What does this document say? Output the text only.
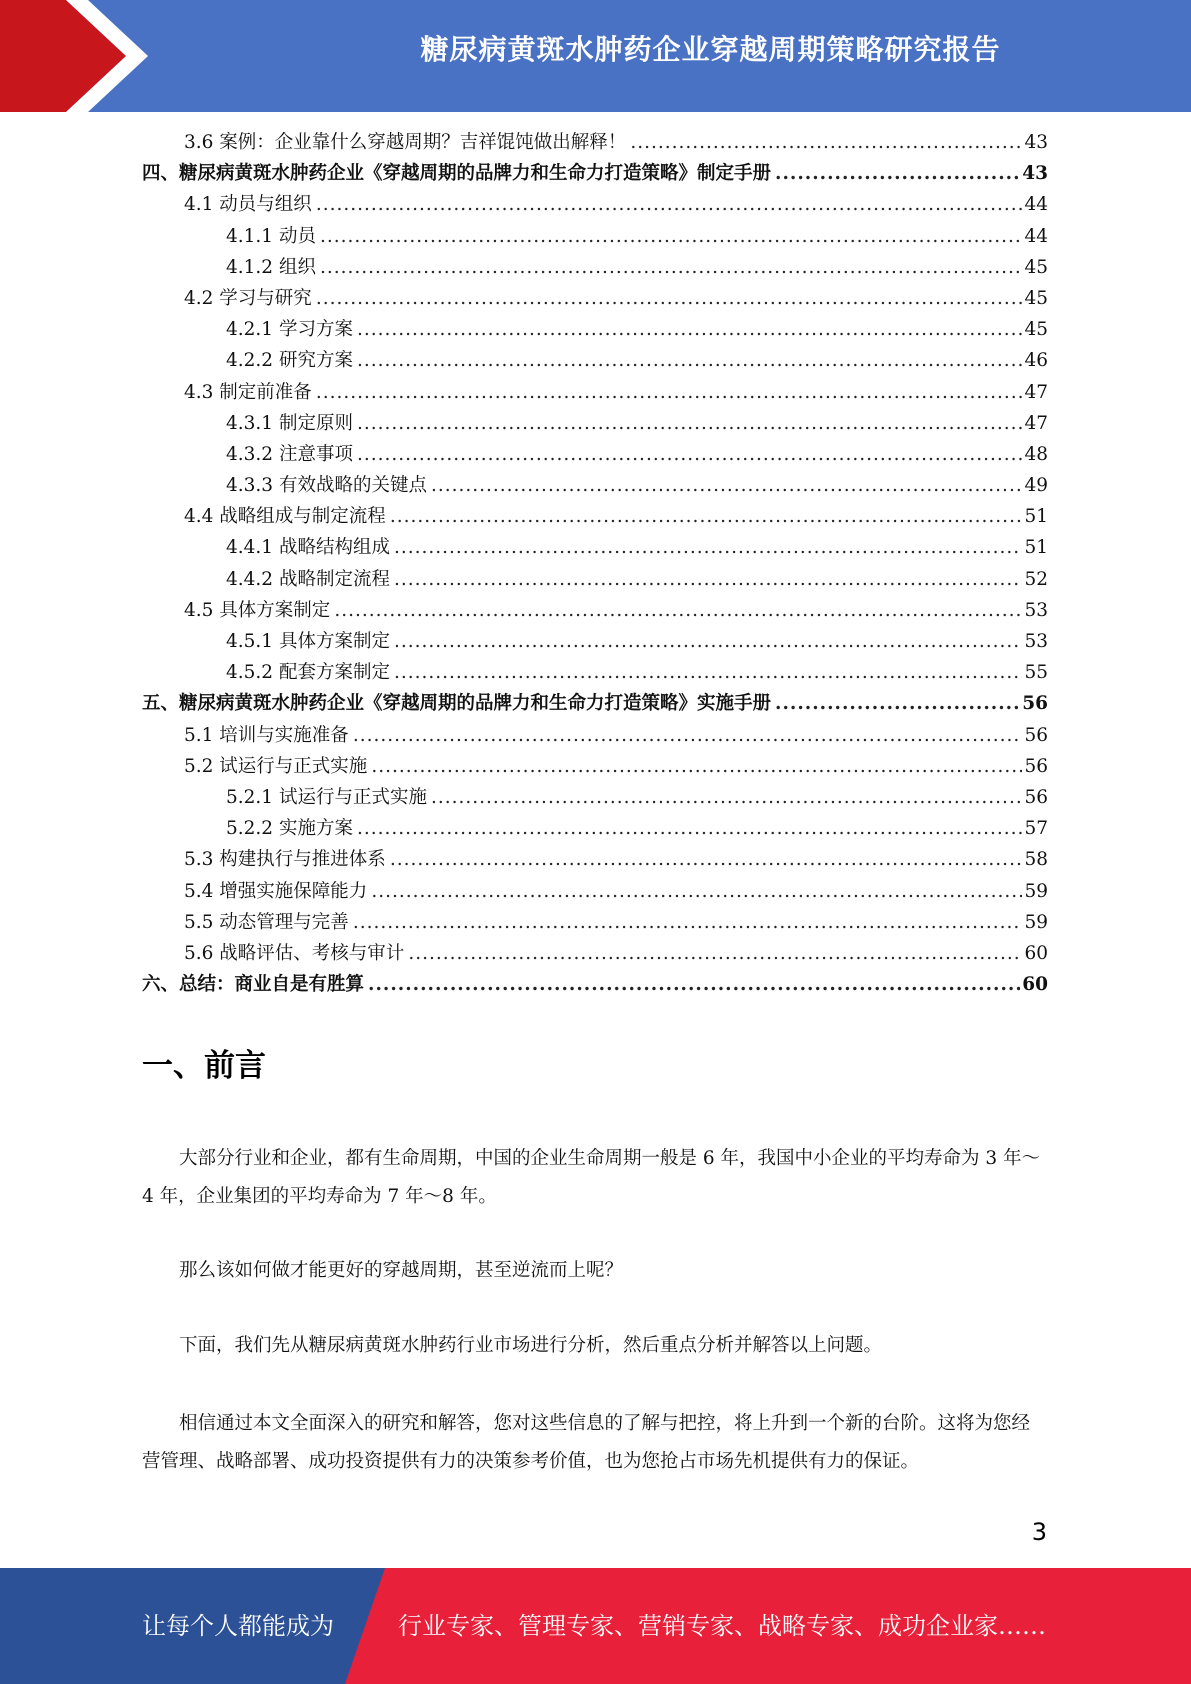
糖尿病黄斑水肿药企业穿越周期策略研究报告
3.6 案例：企业靠什么穿越周期？吉祥馄饨做出解释！ .....	43
四、糖尿病黄斑水肿药企业《穿越周期的品牌力和生命力打造策略》制定手册 .....	43
4.1 动员与组织 .....	44
4.1.1 动员 .....	44
4.1.2 组织 .....	45
4.2 学习与研究 .....	45
4.2.1 学习方案 .....	45
4.2.2 研究方案 .....	46
4.3 制定前准备 .....	47
4.3.1 制定原则 .....	47
4.3.2 注意事项 .....	48
4.3.3 有效战略的关键点 .....	49
4.4 战略组成与制定流程 .....	51
4.4.1 战略结构组成 .....	51
4.4.2 战略制定流程 .....	52
4.5 具体方案制定 .....	53
4.5.1 具体方案制定 .....	53
4.5.2 配套方案制定 .....	55
五、糖尿病黄斑水肿药企业《穿越周期的品牌力和生命力打造策略》实施手册 .....	56
5.1 培训与实施准备 .....	56
5.2 试运行与正式实施 .....	56
5.2.1 试运行与正式实施 .....	56
5.2.2 实施方案 .....	57
5.3 构建执行与推进体系 .....	58
5.4 增强实施保障能力 .....	59
5.5 动态管理与完善 .....	59
5.6 战略评估、考核与审计 .....	60
六、总结：商业自是有胜算 .....	60
一、前言

大部分行业和企业，都有生命周期，中国的企业生命周期一般是 6 年，我国中小企业的平均寿命为 3 年～4 年，企业集团的平均寿命为 7 年～8 年。

那么该如何做才能更好的穿越周期，甚至逆流而上呢？

下面，我们先从糖尿病黄斑水肿药行业市场进行分析，然后重点分析并解答以上问题。

相信通过本文全面深入的研究和解答，您对这些信息的了解与把控，将上升到一个新的台阶。这将为您经营管理、战略部署、成功投资提供有力的决策参考价值，也为您抢占市场先机提供有力的保证。

3
让每个人都能成为	行业专家、管理专家、营销专家、战略专家、成功企业家……
